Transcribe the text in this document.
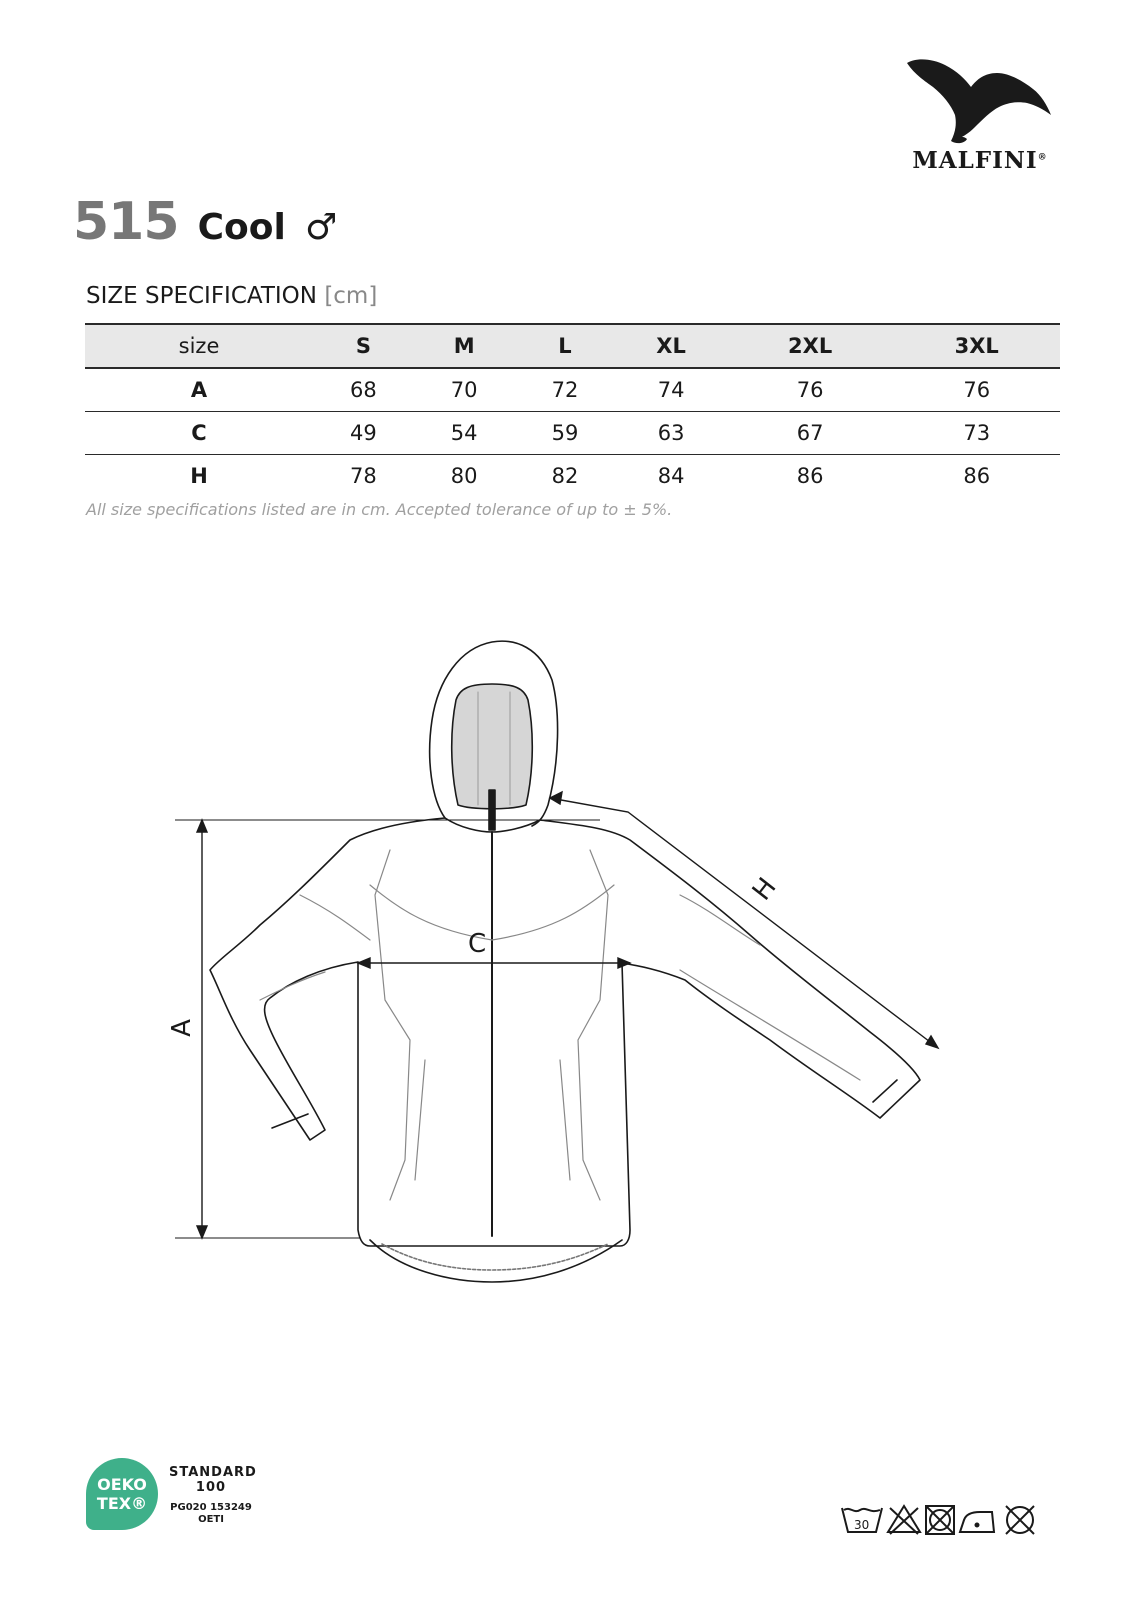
MALFINI®
515 Cool ♂
SIZE SPECIFICATION [cm]
size	S	M	L	XL	2XL	3XL
A	68	70	72	74	76	76
C	49	54	59	63	67	73
H	78	80	82	84	86	86
All size specifications listed are in cm. Accepted tolerance of up to ± 5%.
A
C
H
OEKO
TEX®
STANDARD
100
PG020 153249
OETI	30
